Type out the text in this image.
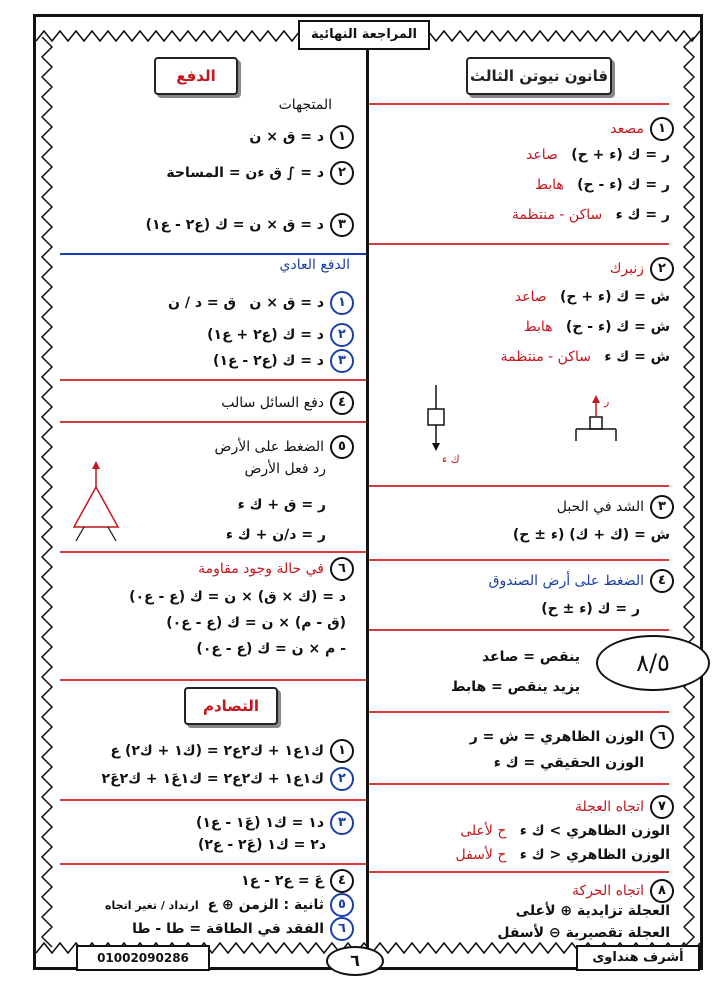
المراجعة النهائية
قانون نيوتن الثالث
١مصعد
ر = ك (ء + ح)   صاعد
ر = ك (ء - ح)   هابط
ر = ك ء   ساكن - منتظمة
٢زنبرك
ش = ك (ء + ح)   صاعد
ش = ك (ء - ح)   هابط
ش = ك ء   ساكن - منتظمة
ك ء
ر
٣الشد في الحبل
ش = (ك + ك) (ء ± ح)
٤الضغط على أرض الصندوق
ر = ك (ء ± ح)
ينقص = صاعد
يزيد ينقص = هابط
٨/٥
٦الوزن الظاهري = ش = ر
الوزن الحقيقي = ك ء
٧اتجاه العجلة
الوزن الظاهري > ك ء   ح لأعلى
الوزن الظاهري < ك ء   ح لأسفل
٨اتجاه الحركة
العجلة تزايدية ⊕ لأعلى
العجلة تقصيرية ⊖ لأسفل
الدفع
المتجهات
١د = ق × ن
٢د = ∫ ق ءن = المساحة
٣د = ق × ن = ك (ع٢ - ع١)
الدفع العادي
١د = ق × ن   ق = د / ن
٢د = ك (ع٢ + ع١)
٣د = ك (ع٢ - ع١)
٤دفع السائل سالب
٥الضغط على الأرض
رد فعل الأرض
ر = ق + ك ء
ر = د/ن + ك ء
٦في حالة وجود مقاومة
د = (ك × ق) × ن = ك (ع - ع٠)
(ق - م) × ن = ك (ع - ع٠)
- م × ن = ك (ع - ع٠)
التصادم
١ك١ع١ + ك٢ع٢ = (ك١ + ك٢) ع
٢ك١ع١ + ك٢ع٢ = ك١عَ١ + ك٢عَ٢
٣د١ = ك١ (عَ١ - ع١)
د٢ = ك١ (عَ٢ - ع٢)
٤عَ = ع٢ - ع١
٥ثانية : الزمن ⊕ ع  ارتداد / تغير اتجاه
٦الفقد في الطاقة = طا - طا
01002090286	أشرف هنداوى
٦
